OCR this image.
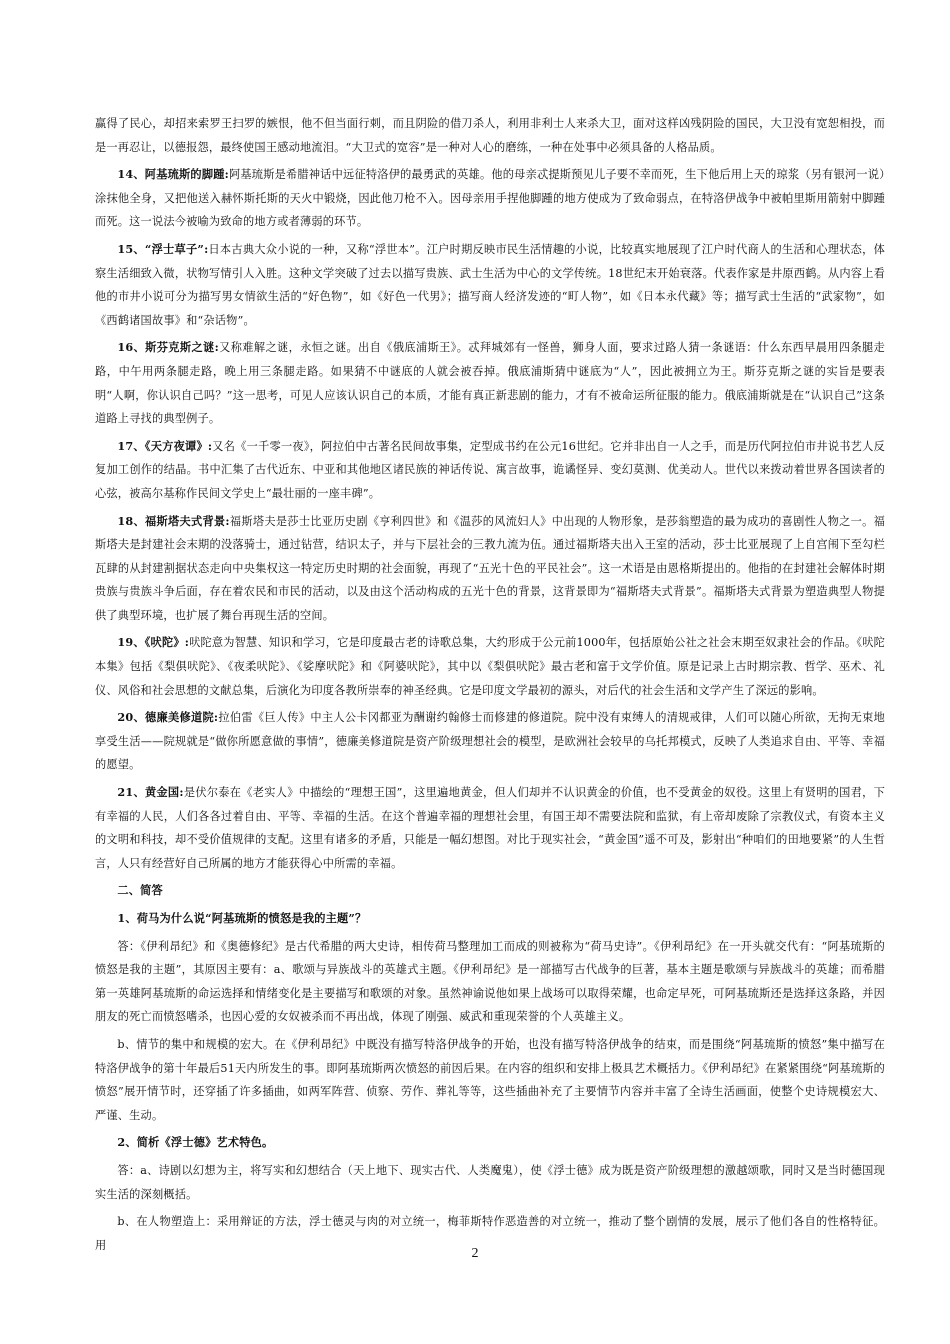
赢得了民心，却招来索罗王扫罗的嫉恨，他不但当面行刺，而且阴险的借刀杀人，利用非利士人来杀大卫，面对这样凶残阴险的国民，大卫没有宽恕相投，而是一再忍让，以德报怨，最终使国王感动地流泪。“大卫式的宽容”是一种对人心的磨练，一种在处事中必须具备的人格品质。

14、阿基琉斯的脚踵:阿基琉斯是希腊神话中远征特洛伊的最勇武的英雄。他的母亲忒提斯预见儿子要不幸而死，生下他后用上天的琼浆（另有银河一说）涂抹他全身，又把他送入赫怀斯托斯的天火中锻烧，因此他刀枪不入。因母亲用手捏他脚踵的地方使成为了致命弱点，在特洛伊战争中被帕里斯用箭射中脚踵而死。这一说法今被喻为致命的地方或者薄弱的环节。

15、“浮士草子”:日本古典大众小说的一种，又称“浮世本”。江户时期反映市民生活情趣的小说，比较真实地展现了江户时代商人的生活和心理状态，体察生活细致入微，状物写情引人入胜。这种文学突破了过去以描写贵族、武士生活为中心的文学传统。18世纪末开始衰落。代表作家是井原西鹤。从内容上看他的市井小说可分为描写男女情欲生活的“好色物”，如《好色一代男》；描写商人经济发迹的“町人物”，如《日本永代藏》等；描写武士生活的“武家物”，如《西鹤诸国故事》和“杂话物”。

16、斯芬克斯之谜:又称难解之谜，永恒之谜。出自《俄底浦斯王》。忒拜城郊有一怪兽，狮身人面，要求过路人猜一条谜语：什么东西早晨用四条腿走路，中午用两条腿走路，晚上用三条腿走路。如果猜不中谜底的人就会被吞掉。俄底浦斯猜中谜底为“人”，因此被拥立为王。斯芬克斯之谜的实旨是要表明“人啊，你认识自己吗？”这一思考，可见人应该认识自己的本质，才能有真正新悲剧的能力，才有不被命运所征服的能力。俄底浦斯就是在“认识自己”这条道路上寻找的典型例子。

17、《天方夜谭》:又名《一千零一夜》，阿拉伯中古著名民间故事集，定型成书约在公元16世纪。它并非出自一人之手，而是历代阿拉伯市井说书艺人反复加工创作的结晶。书中汇集了古代近东、中亚和其他地区诸民族的神话传说、寓言故事，诡谲怪异、变幻莫测、优美动人。世代以来拨动着世界各国读者的心弦，被高尔基称作民间文学史上“最壮丽的一座丰碑”。

18、福斯塔夫式背景:福斯塔夫是莎士比亚历史剧《亨利四世》和《温莎的风流妇人》中出现的人物形象，是莎翁塑造的最为成功的喜剧性人物之一。福斯塔夫是封建社会末期的没落骑士，通过钻营，结识太子，并与下层社会的三教九流为伍。通过福斯塔夫出入王室的活动，莎士比亚展现了上自宫闱下至勾栏瓦肆的从封建割据状态走向中央集权这一特定历史时期的社会面貌，再现了“五光十色的平民社会”。这一术语是由恩格斯提出的。他指的在封建社会解体时期贵族与贵族斗争后面，存在着农民和市民的活动，以及由这个活动构成的五光十色的背景，这背景即为“福斯塔夫式背景”。福斯塔夫式背景为塑造典型人物提供了典型环境，也扩展了舞台再现生活的空间。

19、《吠陀》:吠陀意为智慧、知识和学习，它是印度最古老的诗歌总集，大约形成于公元前1000年，包括原始公社之社会末期至奴隶社会的作品。《吠陀本集》包括《梨俱吠陀》、《夜柔吠陀》、《娑摩吠陀》和《阿婆吠陀》，其中以《梨俱吠陀》最古老和富于文学价值。原是记录上古时期宗教、哲学、巫术、礼仪、风俗和社会思想的文献总集，后演化为印度各教所崇奉的神圣经典。它是印度文学最初的源头，对后代的社会生活和文学产生了深远的影响。

20、德廉美修道院:拉伯雷《巨人传》中主人公卡冈都亚为酬谢约翰修士而修建的修道院。院中没有束缚人的清规戒律，人们可以随心所欲，无拘无束地享受生活——院规就是“做你所愿意做的事情”，德廉美修道院是资产阶级理想社会的模型，是欧洲社会较早的乌托邦模式，反映了人类追求自由、平等、幸福的愿望。

21、黄金国:是伏尔泰在《老实人》中描绘的“理想王国”，这里遍地黄金，但人们却并不认识黄金的价值，也不受黄金的奴役。这里上有贤明的国君，下有幸福的人民，人们各各过着自由、平等、幸福的生活。在这个普遍幸福的理想社会里，有国王却不需要法院和监狱，有上帝却废除了宗教仪式，有资本主义的文明和科技，却不受价值规律的支配。这里有诸多的矛盾，只能是一幅幻想图。对比于现实社会，“黄金国”遥不可及，影射出“种咱们的田地要紧”的人生哲言，人只有经营好自己所属的地方才能获得心中所需的幸福。

二、简答

1、荷马为什么说“阿基琉斯的愤怒是我的主题”？

答：《伊利昂纪》和《奥德修纪》是古代希腊的两大史诗，相传荷马整理加工而成的则被称为“荷马史诗”。《伊利昂纪》在一开头就交代有：“阿基琉斯的愤怒是我的主题”，其原因主要有：a、歌颂与异族战斗的英雄式主题。《伊利昂纪》是一部描写古代战争的巨著，基本主题是歌颂与异族战斗的英雄；而希腊第一英雄阿基琉斯的命运选择和情绪变化是主要描写和歌颂的对象。虽然神谕说他如果上战场可以取得荣耀，也命定早死，可阿基琉斯还是选择这条路，并因朋友的死亡而愤怒嗜杀，也因心爱的女奴被杀而不再出战，体现了刚强、威武和重现荣誉的个人英雄主义。

b、情节的集中和规模的宏大。在《伊利昂纪》中既没有描写特洛伊战争的开始，也没有描写特洛伊战争的结束，而是围绕“阿基琉斯的愤怒”集中描写在特洛伊战争的第十年最后51天内所发生的事。即阿基琉斯两次愤怒的前因后果。在内容的组织和安排上极具艺术概括力。《伊利昂纪》在紧紧围绕“阿基琉斯的愤怒”展开情节时，还穿插了许多插曲，如两军阵营、侦察、劳作、葬礼等等，这些插曲补充了主要情节内容并丰富了全诗生活画面，使整个史诗规模宏大、严谨、生动。

2、简析《浮士德》艺术特色。

答：a、诗剧以幻想为主，将写实和幻想结合（天上地下、现实古代、人类魔鬼），使《浮士德》成为既是资产阶级理想的激越颂歌，同时又是当时德国现实生活的深刻概括。

b、在人物塑造上：采用辩证的方法，浮士德灵与肉的对立统一，梅菲斯特作恶造善的对立统一，推动了整个剧情的发展，展示了他们各自的性格特征。用

2
